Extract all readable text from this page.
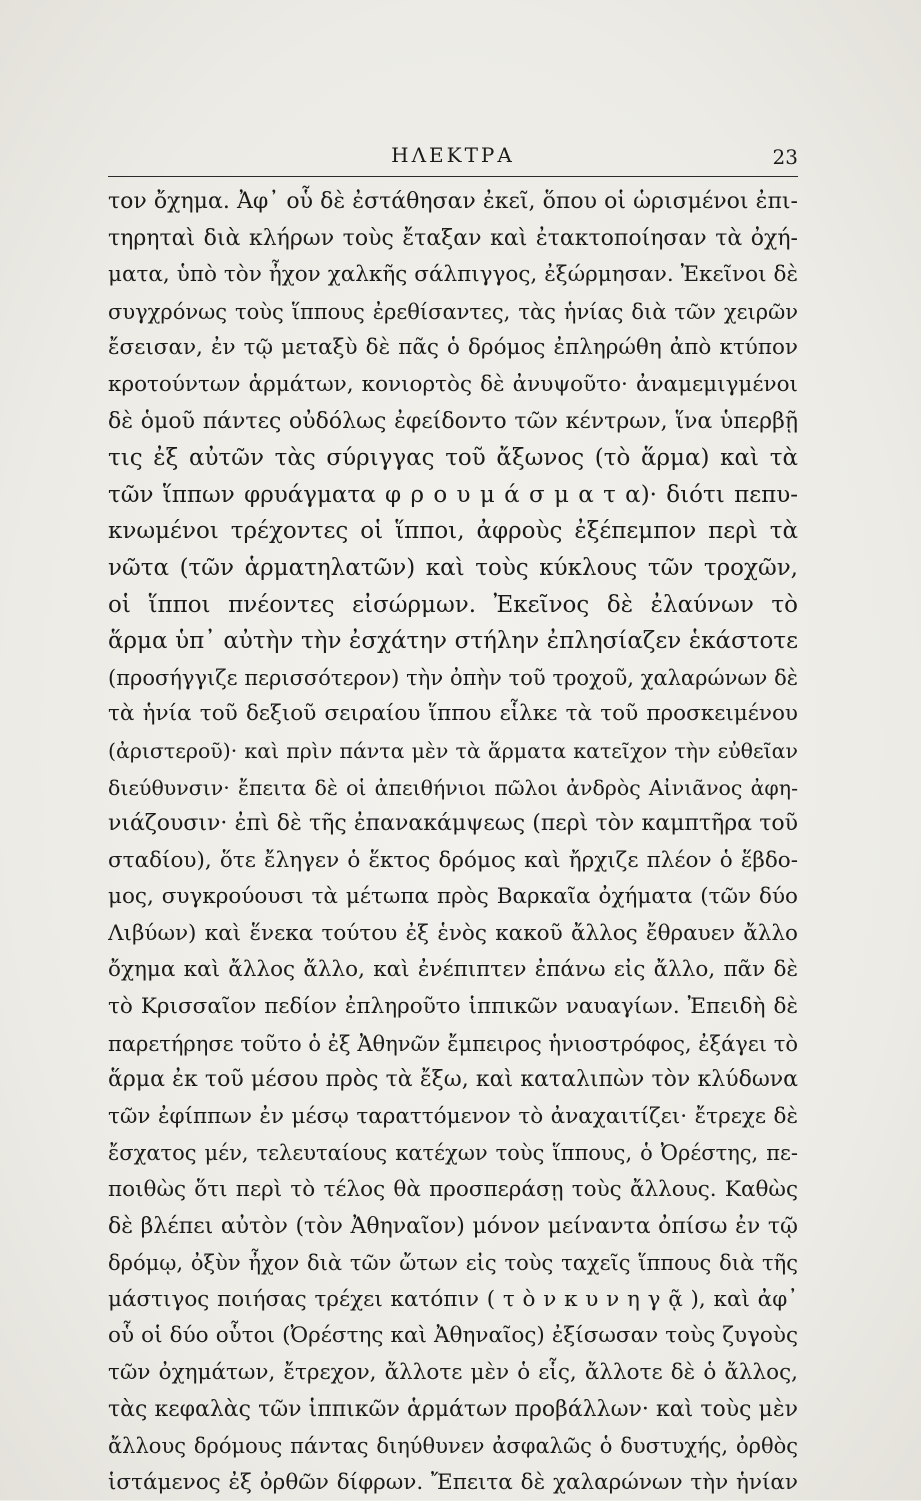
ΗΛΕΚΤΡΑ	23
τον ὄχημα. Ἀφ᾽ οὗ δὲ ἐστάθησαν ἐκεῖ, ὅπου οἱ ὡρισμένοι ἐπι-
τηρηταὶ διὰ κλήρων τοὺς ἔταξαν καὶ ἐτακτοποίησαν τὰ ὀχή-
ματα, ὑπὸ τὸν ἦχον χαλκῆς σάλπιγγος, ἐξώρμησαν. Ἐκεῖνοι δὲ
συγχρόνως τοὺς ἵππους ἐρεθίσαντες, τὰς ἡνίας διὰ τῶν χειρῶν
ἔσεισαν, ἐν τῷ μεταξὺ δὲ πᾶς ὁ δρόμος ἐπληρώθη ἀπὸ κτύπον
κροτούντων ἁρμάτων, κονιορτὸς δὲ ἀνυψοῦτο· ἀναμεμιγμένοι
δὲ ὁμοῦ πάντες οὐδόλως ἐφείδοντο τῶν κέντρων, ἵνα ὑπερβῇ
τις ἐξ αὐτῶν τὰς σύριγγας τοῦ ἄξωνος (τὸ ἅρμα) καὶ τὰ
τῶν ἵππων φρυάγματα φ ρ ο υ μ ά σ μ α τ α)· διότι πεπυ-
κνωμένοι τρέχοντες οἱ ἵπποι, ἀφροὺς ἐξέπεμπον περὶ τὰ
νῶτα (τῶν ἁρματηλατῶν) καὶ τοὺς κύκλους τῶν τροχῶν,
οἱ ἵπποι πνέοντες εἰσώρμων. Ἐκεῖνος δὲ ἐλαύνων τὸ
ἅρμα ὑπ᾽ αὐτὴν τὴν ἐσχάτην στήλην ἐπλησίαζεν ἑκάστοτε
(προσήγγιζε περισσότερον) τὴν ὀπὴν τοῦ τροχοῦ, χαλαρώνων δὲ
τὰ ἡνία τοῦ δεξιοῦ σειραίου ἵππου εἷλκε τὰ τοῦ προσκειμένου
(ἀριστεροῦ)· καὶ πρὶν πάντα μὲν τὰ ἅρματα κατεῖχον τὴν εὐθεῖαν
διεύθυνσιν· ἔπειτα δὲ οἱ ἀπειθήνιοι πῶλοι ἀνδρὸς Αἰνιᾶνος ἀφη-
νιάζουσιν· ἐπὶ δὲ τῆς ἐπανακάμψεως (περὶ τὸν καμπτῆρα τοῦ
σταδίου), ὅτε ἔληγεν ὁ ἕκτος δρόμος καὶ ἤρχιζε πλέον ὁ ἕβδο-
μος, συγκρούουσι τὰ μέτωπα πρὸς Βαρκαῖα ὀχήματα (τῶν δύο
Λιβύων) καὶ ἕνεκα τούτου ἐξ ἑνὸς κακοῦ ἄλλος ἔθραυεν ἄλλο
ὄχημα καὶ ἄλλος ἄλλο, καὶ ἐνέπιπτεν ἐπάνω εἰς ἄλλο, πᾶν δὲ
τὸ Κρισσαῖον πεδίον ἐπληροῦτο ἱππικῶν ναυαγίων. Ἐπειδὴ δὲ
παρετήρησε τοῦτο ὁ ἐξ Ἀθηνῶν ἔμπειρος ἡνιοστρόφος, ἐξάγει τὸ
ἅρμα ἐκ τοῦ μέσου πρὸς τὰ ἔξω, καὶ καταλιπὼν τὸν κλύδωνα
τῶν ἐφίππων ἐν μέσῳ ταραττόμενον τὸ ἀναχαιτίζει· ἔτρεχε δὲ
ἔσχατος μέν, τελευταίους κατέχων τοὺς ἵππους, ὁ Ὀρέστης, πε-
ποιθὼς ὅτι περὶ τὸ τέλος θὰ προσπεράσῃ τοὺς ἄλλους. Καθὼς
δὲ βλέπει αὐτὸν (τὸν Ἀθηναῖον) μόνον μείναντα ὀπίσω ἐν τῷ
δρόμῳ, ὀξὺν ἦχον διὰ τῶν ὤτων εἰς τοὺς ταχεῖς ἵππους διὰ τῆς
μάστιγος ποιήσας τρέχει κατόπιν ( τ ὸ ν κ υ ν η γ ᾷ ), καὶ ἀφ᾽
οὗ οἱ δύο οὗτοι (Ὀρέστης καὶ Ἀθηναῖος) ἐξίσωσαν τοὺς ζυγοὺς
τῶν ὀχημάτων, ἔτρεχον, ἄλλοτε μὲν ὁ εἷς, ἄλλοτε δὲ ὁ ἄλλος,
τὰς κεφαλὰς τῶν ἱππικῶν ἁρμάτων προβάλλων· καὶ τοὺς μὲν
ἄλλους δρόμους πάντας διηύθυνεν ἀσφαλῶς ὁ δυστυχής, ὀρθὸς
ἱστάμενος ἐξ ὀρθῶν δίφρων. Ἔπειτα δὲ χαλαρώνων τὴν ἡνίαν
